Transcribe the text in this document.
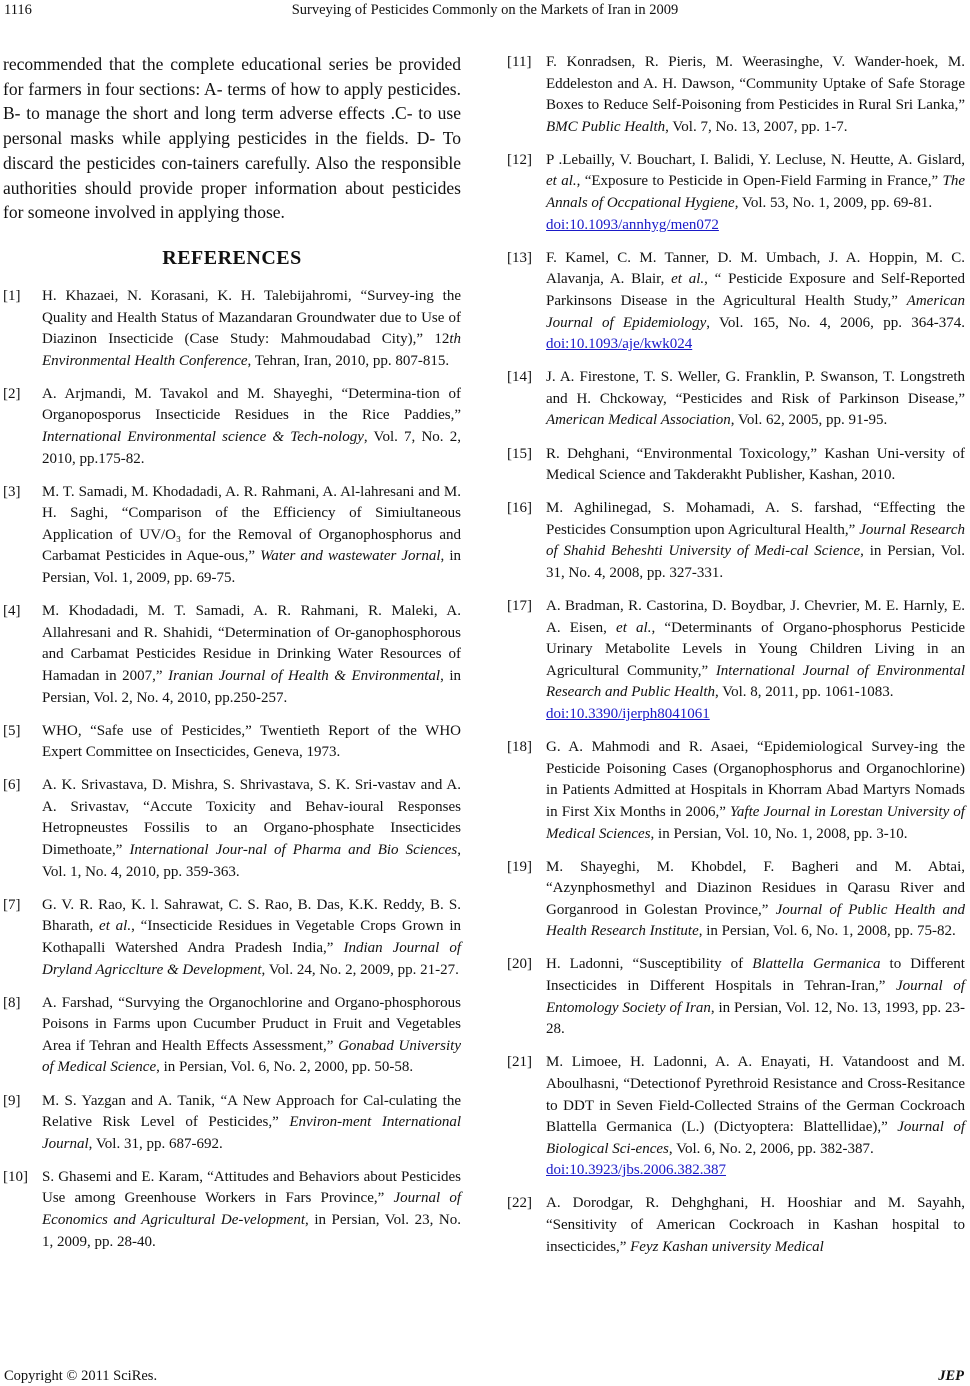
1116	Surveying of Pesticides Commonly on the Markets of Iran in 2009

recommended that the complete educational series be provided for farmers in four sections: A- terms of how to apply pesticides. B- to manage the short and long term adverse effects .C- to use personal masks while applying pesticides in the fields. D- To discard the pesticides con-tainers carefully. Also the responsible authorities should provide proper information about pesticides for someone involved in applying those.

REFERENCES
[1] H. Khazaei, N. Korasani, K. H. Talebijahromi, “Survey-ing the Quality and Health Status of Mazandaran Groundwater due to Use of Diazinon Insecticide (Case Study: Mahmoudabad City),” 12th Environmental Health Conference, Tehran, Iran, 2010, pp. 807-815.
[2] A. Arjmandi, M. Tavakol and M. Shayeghi, “Determina-tion of Organoposporus Insecticide Residues in the Rice Paddies,” International Environmental science & Tech-nology, Vol. 7, No. 2, 2010, pp.175-82.
[3] M. T. Samadi, M. Khodadadi, A. R. Rahmani, A. Al-lahresani and M. H. Saghi, “Comparison of the Efficiency of Simiultaneous Application of UV/O₃ for the Removal of Organophosphorus and Carbamat Pesticides in Aque-ous,” Water and wastewater Jornal, in Persian, Vol. 1, 2009, pp. 69-75.
[4] M. Khodadadi, M. T. Samadi, A. R. Rahmani, R. Maleki, A. Allahresani and R. Shahidi, “Determination of Or-ganophosphorous and Carbamat Pesticides Residue in Drinking Water Resources of Hamadan in 2007,” Iranian Journal of Health & Environmental, in Persian, Vol. 2, No. 4, 2010, pp.250-257.
[5] WHO, “Safe use of Pesticides,” Twentieth Report of the WHO Expert Committee on Insecticides, Geneva, 1973.
[6] A. K. Srivastava, D. Mishra, S. Shrivastava, S. K. Sri-vastav and A. A. Srivastav, “Accute Toxicity and Behav-ioural Responses Hetropneustes Fossilis to an Organo-phosphate Insecticides Dimethoate,” International Jour-nal of Pharma and Bio Sciences, Vol. 1, No. 4, 2010, pp. 359-363.
[7] G. V. R. Rao, K. l. Sahrawat, C. S. Rao, B. Das, K.K. Reddy, B. S. Bharath, et al., “Insecticide Residues in Vegetable Crops Grown in Kothapalli Watershed Andra Pradesh India,” Indian Journal of Dryland Agricclture & Development, Vol. 24, No. 2, 2009, pp. 21-27.
[8] A. Farshad, “Survying the Organochlorine and Organo-phosphorous Poisons in Farms upon Cucumber Pruduct in Fruit and Vegetables Area if Tehran and Health Effects Assessment,” Gonabad University of Medical Science, in Persian, Vol. 6, No. 2, 2000, pp. 50-58.
[9] M. S. Yazgan and A. Tanik, “A New Approach for Cal-culating the Relative Risk Level of Pesticides,” Environ-ment International Journal, Vol. 31, pp. 687-692.
[10] S. Ghasemi and E. Karam, “Attitudes and Behaviors about Pesticides Use among Greenhouse Workers in Fars Province,” Journal of Economics and Agricultural De-velopment, in Persian, Vol. 23, No. 1, 2009, pp. 28-40.
[11] F. Konradsen, R. Pieris, M. Weerasinghe, V. Wander-hoek, M. Eddeleston and A. H. Dawson, “Community Uptake of Safe Storage Boxes to Reduce Self-Poisoning from Pesticides in Rural Sri Lanka,” BMC Public Health, Vol. 7, No. 13, 2007, pp. 1-7.
[12] P .Lebailly, V. Bouchart, I. Balidi, Y. Lecluse, N. Heutte, A. Gislard, et al., “Exposure to Pesticide in Open-Field Farming in France,” The Annals of Occpational Hygiene, Vol. 53, No. 1, 2009, pp. 69-81.
doi:10.1093/annhyg/men072
[13] F. Kamel, C. M. Tanner, D. M. Umbach, J. A. Hoppin, M. C. Alavanja, A. Blair, et al., “ Pesticide Exposure and Self-Reported Parkinsons Disease in the Agricultural Health Study,” American Journal of Epidemiology, Vol. 165, No. 4, 2006, pp. 364-374. doi:10.1093/aje/kwk024
[14] J. A. Firestone, T. S. Weller, G. Franklin, P. Swanson, T. Longstreth and H. Chckoway, “Pesticides and Risk of Parkinson Disease,” American Medical Association, Vol. 62, 2005, pp. 91-95.
[15] R. Dehghani, “Environmental Toxicology,” Kashan Uni-versity of Medical Science and Takderakht Publisher, Kashan, 2010.
[16] M. Aghilinegad, S. Mohamadi, A. S. farshad, “Effecting the Pesticides Consumption upon Agricultural Health,” Journal Research of Shahid Beheshti University of Medi-cal Science, in Persian, Vol. 31, No. 4, 2008, pp. 327-331.
[17] A. Bradman, R. Castorina, D. Boydbar, J. Chevrier, M. E. Harnly, E. A. Eisen, et al., “Determinants of Organo-phosphorus Pesticide Urinary Metabolite Levels in Young Children Living in an Agricultural Community,” International Journal of Environmental Research and Public Health, Vol. 8, 2011, pp. 1061-1083.
doi:10.3390/ijerph8041061
[18] G. A. Mahmodi and R. Asaei, “Epidemiological Survey-ing the Pesticide Poisoning Cases (Organophosphorus and Organochlorine) in Patients Admitted at Hospitals in Khorram Abad Martyrs Nomads in First Xix Months in 2006,” Yafte Journal in Lorestan University of Medical Sciences, in Persian, Vol. 10, No. 1, 2008, pp. 3-10.
[19] M. Shayeghi, M. Khobdel, F. Bagheri and M. Abtai, “Azynphosmethyl and Diazinon Residues in Qarasu River and Gorganrood in Golestan Province,” Journal of Public Health and Health Research Institute, in Persian, Vol. 6, No. 1, 2008, pp. 75-82.
[20] H. Ladonni, “Susceptibility of Blattella Germanica to Different Insecticides in Different Hospitals in Tehran-Iran,” Journal of Entomology Society of Iran, in Persian, Vol. 12, No. 13, 1993, pp. 23-28.
[21] M. Limoee, H. Ladonni, A. A. Enayati, H. Vatandoost and M. Aboulhasni, “Detectionof Pyrethroid Resistance and Cross-Resitance to DDT in Seven Field-Collected Strains of the German Cockroach Blattella Germanica (L.) (Dictyoptera: Blattellidae),” Journal of Biological Sci-ences, Vol. 6, No. 2, 2006, pp. 382-387.
doi:10.3923/jbs.2006.382.387
[22] A. Dorodgar, R. Dehghghani, H. Hooshiar and M. Sayahh, “Sensitivity of American Cockroach in Kashan hospital to insecticides,” Feyz Kashan university Medical
Copyright © 2011 SciRes.	JEP
